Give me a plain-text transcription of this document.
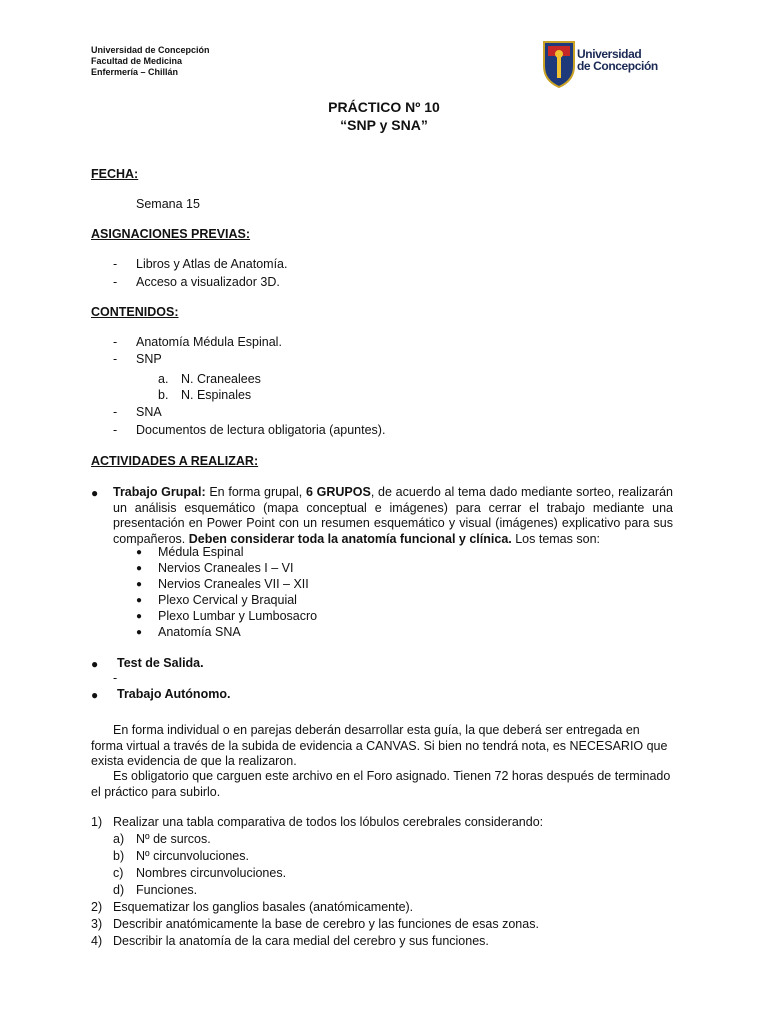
Universidad de Concepción
Facultad de Medicina
Enfermería – Chillán
Universidad
de Concepción
PRÁCTICO Nº 10
“SNP y SNA”
FECHA:
Semana 15
ASIGNACIONES PREVIAS:
- Libros y Atlas de Anatomía.
- Acceso a visualizador 3D.
CONTENIDOS:
- Anatomía Médula Espinal.
- SNP
a. N. Cranealees
b. N. Espinales
- SNA
- Documentos de lectura obligatoria (apuntes).
ACTIVIDADES A REALIZAR:
● Trabajo Grupal: En forma grupal, 6 GRUPOS, de acuerdo al tema dado mediante sorteo, realizarán un análisis esquemático (mapa conceptual e imágenes) para cerrar el trabajo mediante una presentación en Power Point con un resumen esquemático y visual (imágenes) explicativo para sus compañeros. Deben considerar toda la anatomía funcional y clínica. Los temas son:
● Médula Espinal
● Nervios Craneales I – VI
● Nervios Craneales VII – XII
● Plexo Cervical y Braquial
● Plexo Lumbar y Lumbosacro
● Anatomía SNA
● Test de Salida.
-
● Trabajo Autónomo.
En forma individual o en parejas deberán desarrollar esta guía, la que deberá ser entregada en forma virtual a través de la subida de evidencia a CANVAS. Si bien no tendrá nota, es NECESARIO que exista evidencia de que la realizaron.
Es obligatorio que carguen este archivo en el Foro asignado. Tienen 72 horas después de terminado el práctico para subirlo.
1) Realizar una tabla comparativa de todos los lóbulos cerebrales considerando:
a) Nº de surcos.
b) Nº circunvoluciones.
c) Nombres circunvoluciones.
d) Funciones.
2) Esquematizar los ganglios basales (anatómicamente).
3) Describir anatómicamente la base de cerebro y las funciones de esas zonas.
4) Describir la anatomía de la cara medial del cerebro y sus funciones.
